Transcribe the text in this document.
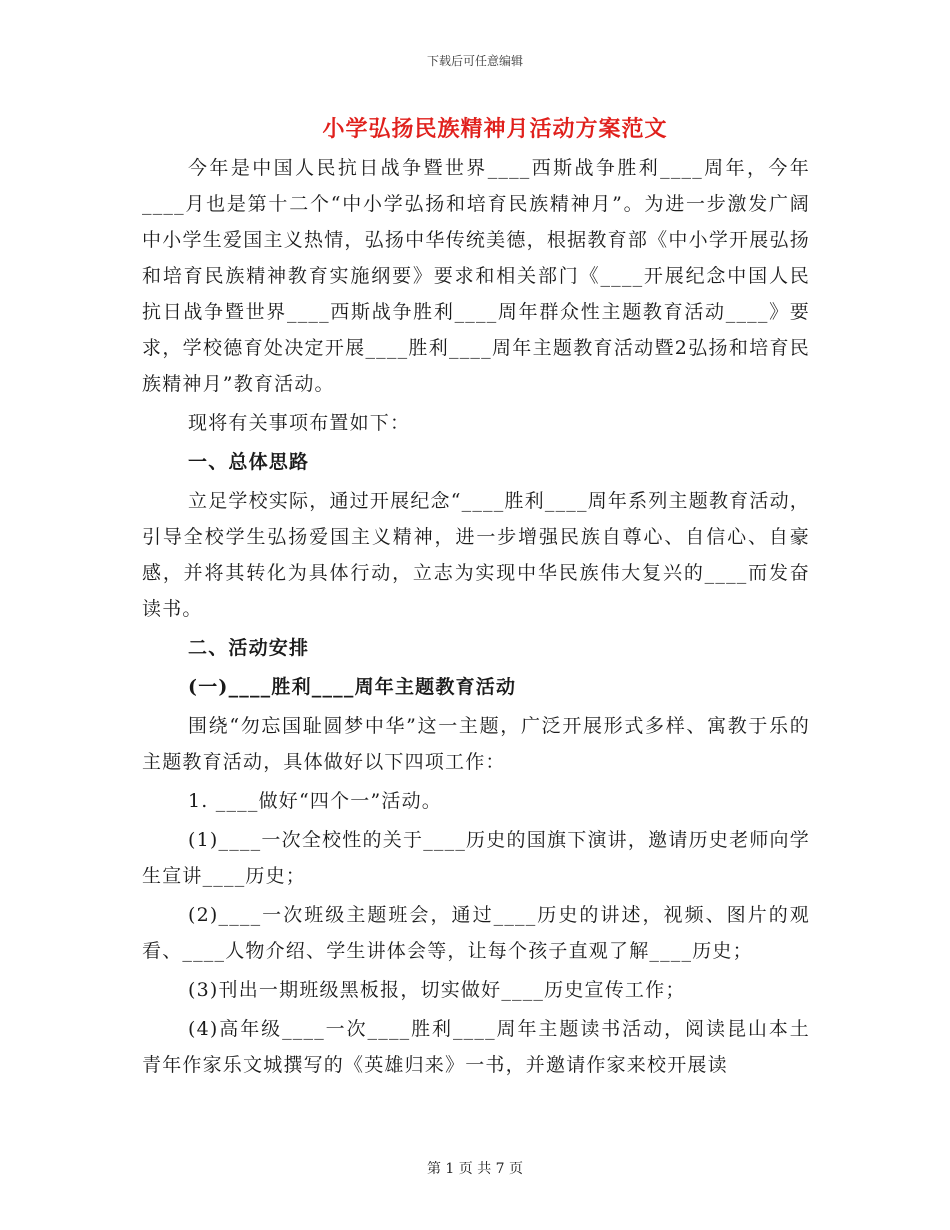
下载后可任意编辑
小学弘扬民族精神月活动方案范文

今年是中国人民抗日战争暨世界____西斯战争胜利____周年，今年____月也是第十二个“中小学弘扬和培育民族精神月”。为进一步激发广阔中小学生爱国主义热情，弘扬中华传统美德，根据教育部《中小学开展弘扬和培育民族精神教育实施纲要》要求和相关部门《____开展纪念中国人民抗日战争暨世界____西斯战争胜利____周年群众性主题教育活动____》要求，学校德育处决定开展____胜利____周年主题教育活动暨2弘扬和培育民族精神月”教育活动。

现将有关事项布置如下：

一、总体思路

立足学校实际，通过开展纪念“____胜利____周年系列主题教育活动，引导全校学生弘扬爱国主义精神，进一步增强民族自尊心、自信心、自豪感，并将其转化为具体行动，立志为实现中华民族伟大复兴的____而发奋读书。

二、活动安排

(一)____胜利____周年主题教育活动

围绕“勿忘国耻圆梦中华”这一主题，广泛开展形式多样、寓教于乐的主题教育活动，具体做好以下四项工作：

1. ____做好“四个一”活动。

(1)____一次全校性的关于____历史的国旗下演讲，邀请历史老师向学生宣讲____历史；

(2)____一次班级主题班会，通过____历史的讲述，视频、图片的观看、____人物介绍、学生讲体会等，让每个孩子直观了解____历史；

(3)刊出一期班级黑板报，切实做好____历史宣传工作；

(4)高年级____一次____胜利____周年主题读书活动，阅读昆山本土青年作家乐文城撰写的《英雄归来》一书，并邀请作家来校开展读

第 1 页 共 7 页
